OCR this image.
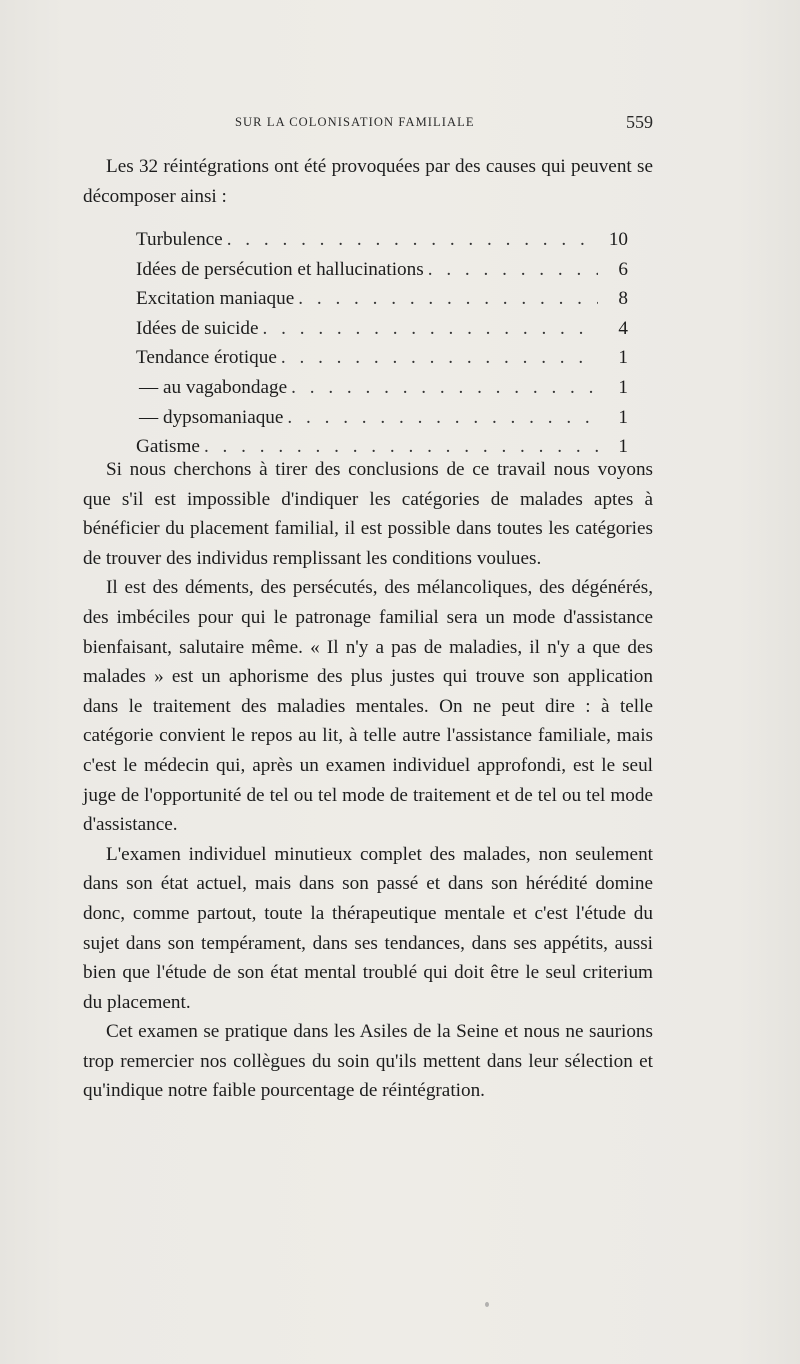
SUR LA COLONISATION FAMILIALE	559

Les 32 réintégrations ont été provoquées par des causes qui peuvent se décomposer ainsi :

Turbulence . . .	10
Idées de persécution et hallucinations . . .	6
Excitation maniaque . . .	8
Idées de suicide . . .	4
Tendance érotique . . .	1
— au vagabondage . . .	1
— dypsomaniaque . . .	1
Gatisme . . .	1

Si nous cherchons à tirer des conclusions de ce travail nous voyons que s'il est impossible d'indiquer les catégories de malades aptes à bénéficier du placement familial, il est possible dans toutes les catégories de trouver des individus remplissant les conditions voulues.

Il est des déments, des persécutés, des mélancoliques, des dégénérés, des imbéciles pour qui le patronage familial sera un mode d'assistance bienfaisant, salutaire même. « Il n'y a pas de maladies, il n'y a que des malades » est un aphorisme des plus justes qui trouve son application dans le traitement des maladies mentales. On ne peut dire : à telle catégorie convient le repos au lit, à telle autre l'assistance familiale, mais c'est le médecin qui, après un examen individuel approfondi, est le seul juge de l'opportunité de tel ou tel mode de traitement et de tel ou tel mode d'assistance.

L'examen individuel minutieux complet des malades, non seulement dans son état actuel, mais dans son passé et dans son hérédité domine donc, comme partout, toute la thérapeutique mentale et c'est l'étude du sujet dans son tempérament, dans ses tendances, dans ses appétits, aussi bien que l'étude de son état mental troublé qui doit être le seul criterium du placement.

Cet examen se pratique dans les Asiles de la Seine et nous ne saurions trop remercier nos collègues du soin qu'ils mettent dans leur sélection et qu'indique notre faible pourcentage de réintégration.
